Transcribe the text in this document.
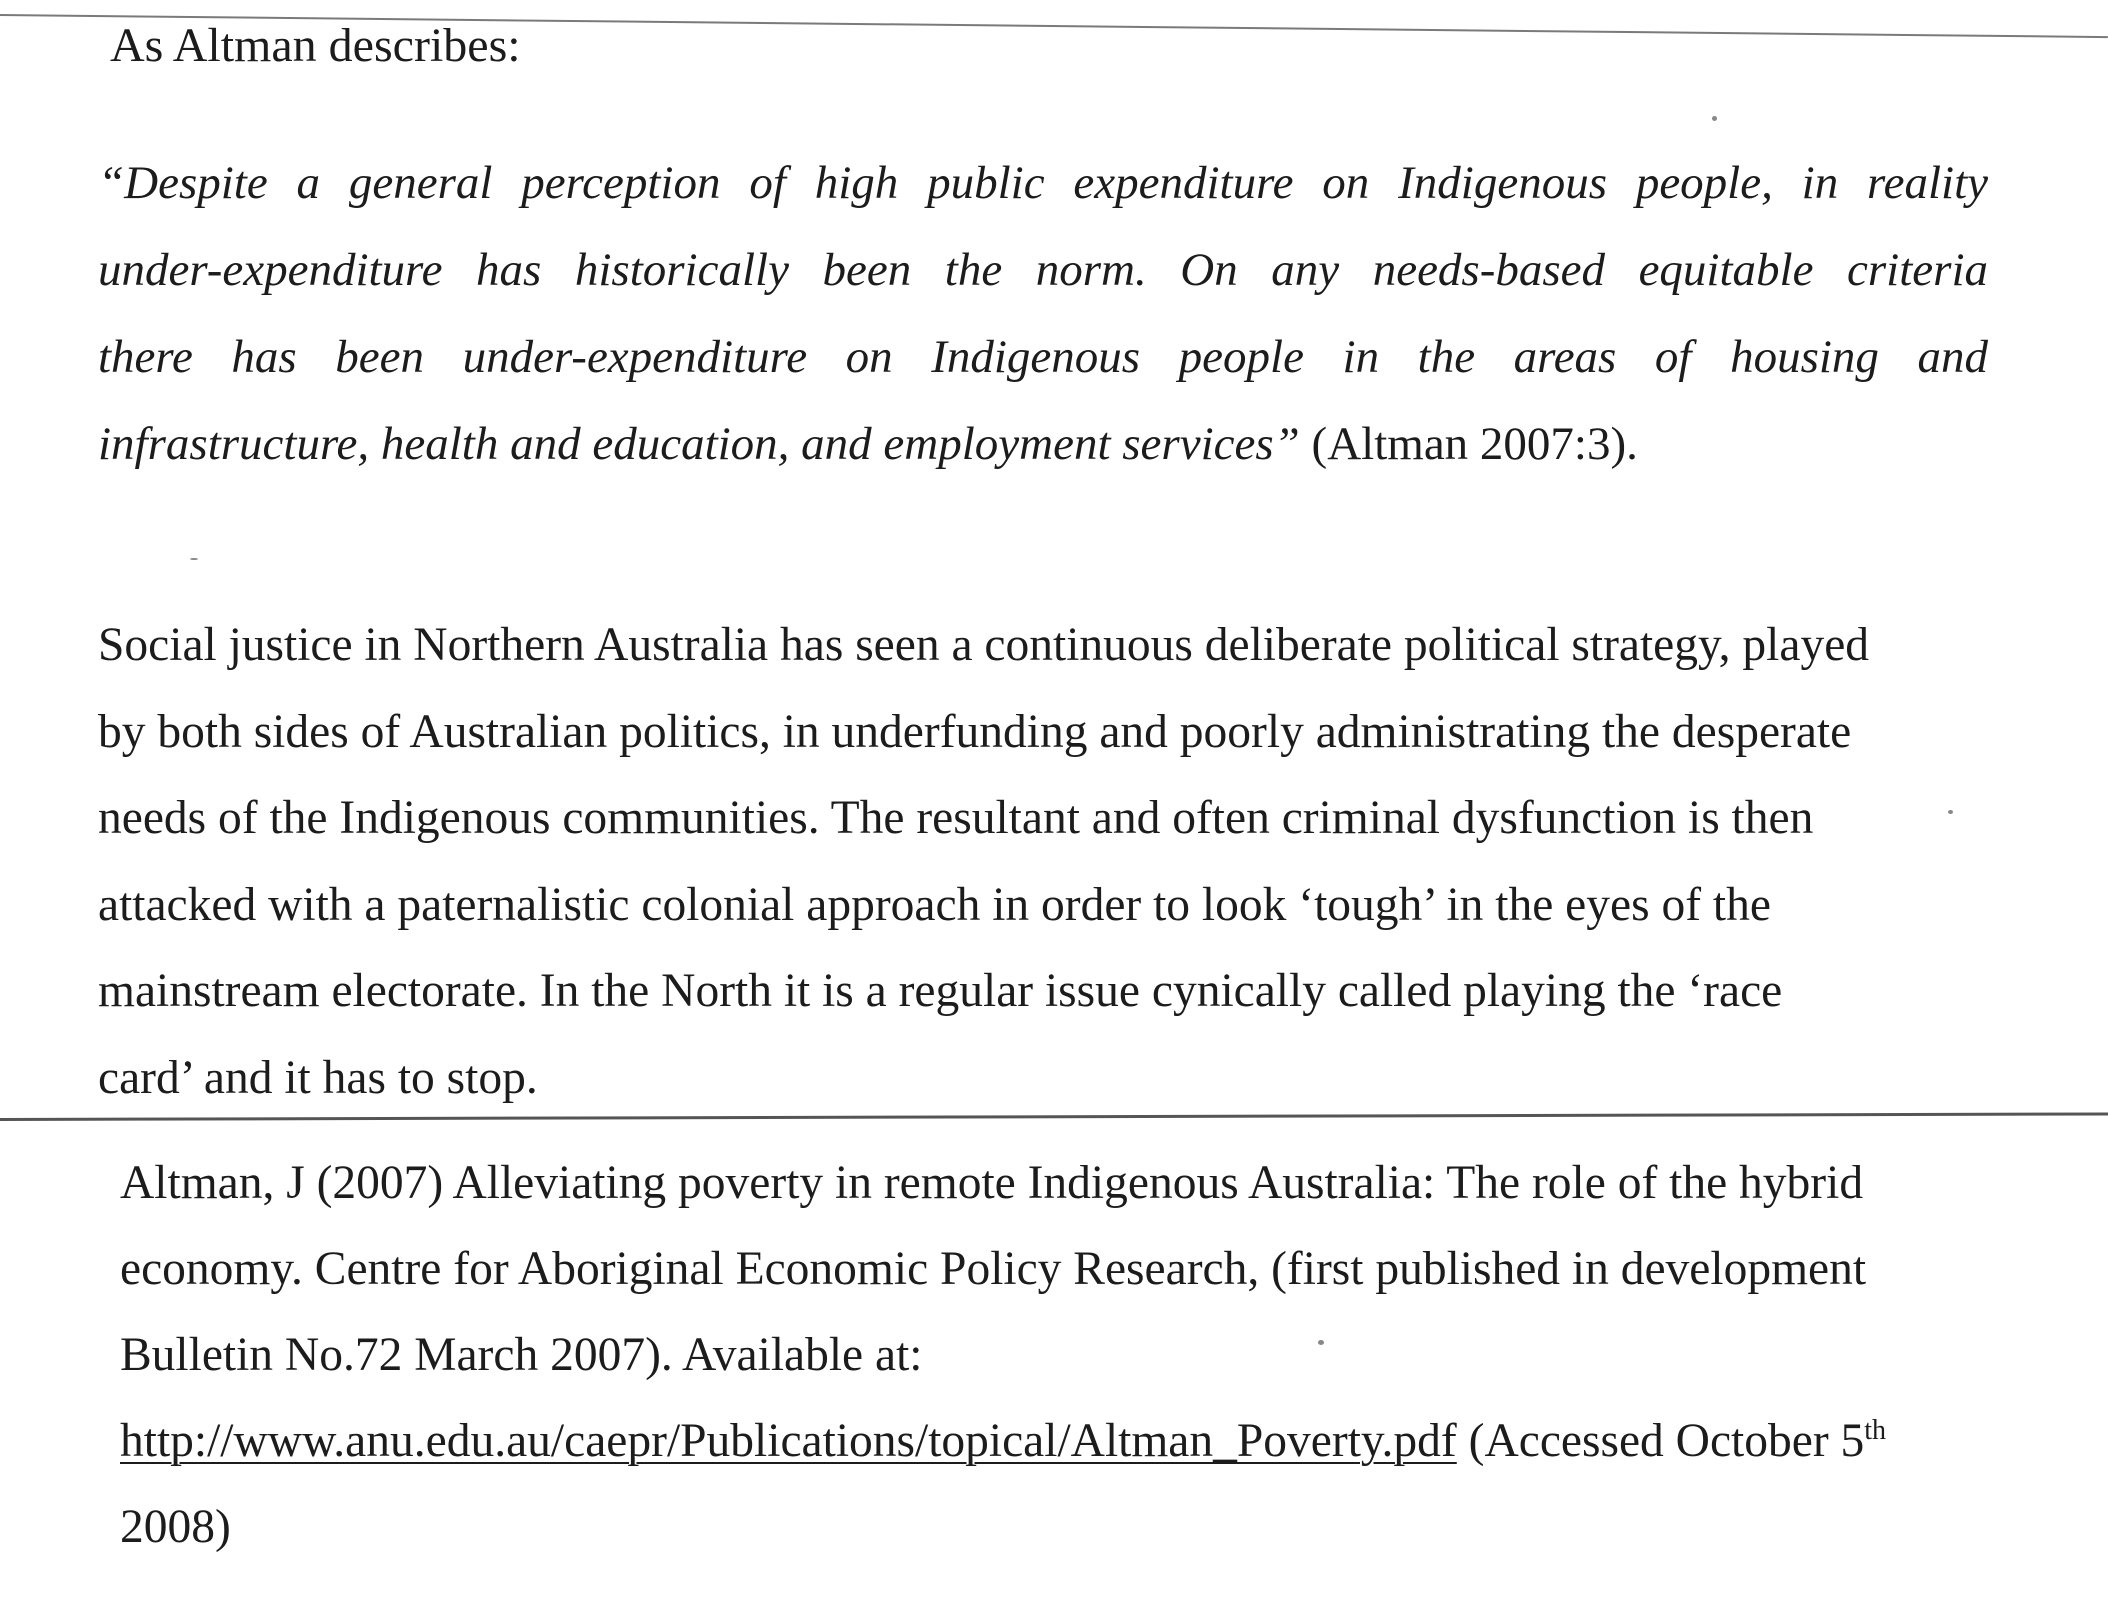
As Altman describes:
“Despite a general perception of high public expenditure on Indigenous people, in reality
under-expenditure has historically been the norm. On any needs-based equitable criteria
there has been under-expenditure on Indigenous people in the areas of housing and
infrastructure, health and education, and employment services” (Altman 2007:3).
Social justice in Northern Australia has seen a continuous deliberate political strategy, played
by both sides of Australian politics, in underfunding and poorly administrating the desperate
needs of the Indigenous communities. The resultant and often criminal dysfunction is then
attacked with a paternalistic colonial approach in order to look ‘tough’ in the eyes of the
mainstream electorate. In the North it is a regular issue cynically called playing the ‘race
card’ and it has to stop.
Altman, J (2007) Alleviating poverty in remote Indigenous Australia: The role of the hybrid
economy. Centre for Aboriginal Economic Policy Research, (first published in development
Bulletin No.72 March 2007). Available at:
http://www.anu.edu.au/caepr/Publications/topical/Altman_Poverty.pdf (Accessed October 5th
2008)
